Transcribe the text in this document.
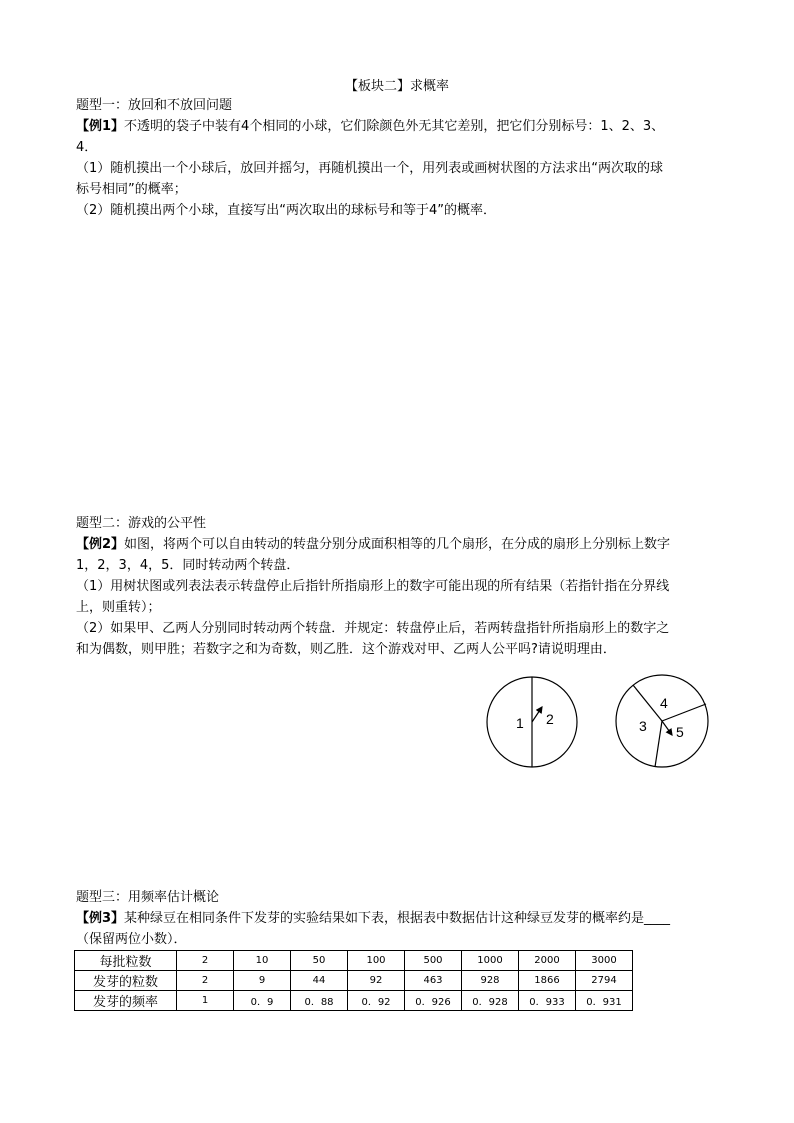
【板块二】求概率
题型一：放回和不放回问题
【例1】不透明的袋子中装有4个相同的小球，它们除颜色外无其它差别，把它们分别标号：1、2、3、
4．
（1）随机摸出一个小球后，放回并摇匀，再随机摸出一个，用列表或画树状图的方法求出“两次取的球
标号相同”的概率；
（2）随机摸出两个小球，直接写出“两次取出的球标号和等于4”的概率．
题型二：游戏的公平性
【例2】如图，将两个可以自由转动的转盘分别分成面积相等的几个扇形，在分成的扇形上分别标上数字
1，2，3，4，5．同时转动两个转盘．
（1）用树状图或列表法表示转盘停止后指针所指扇形上的数字可能出现的所有结果（若指针指在分界线
上，则重转）；
（2）如果甲、乙两人分别同时转动两个转盘．并规定：转盘停止后，若两转盘指针所指扇形上的数字之
和为偶数，则甲胜；若数字之和为奇数，则乙胜．这个游戏对甲、乙两人公平吗?请说明理由．
1 2
4
3 5
题型三：用频率估计概论
【例3】某种绿豆在相同条件下发芽的实验结果如下表，根据表中数据估计这种绿豆发芽的概率约是____
（保留两位小数）．
每批粒数	2	10	50	100	500	1000	2000	3000
发芽的粒数	2	9	44	92	463	928	1866	2794
发芽的频率	1	0．9	0．88	0．92	0．926	0．928	0．933	0．931
